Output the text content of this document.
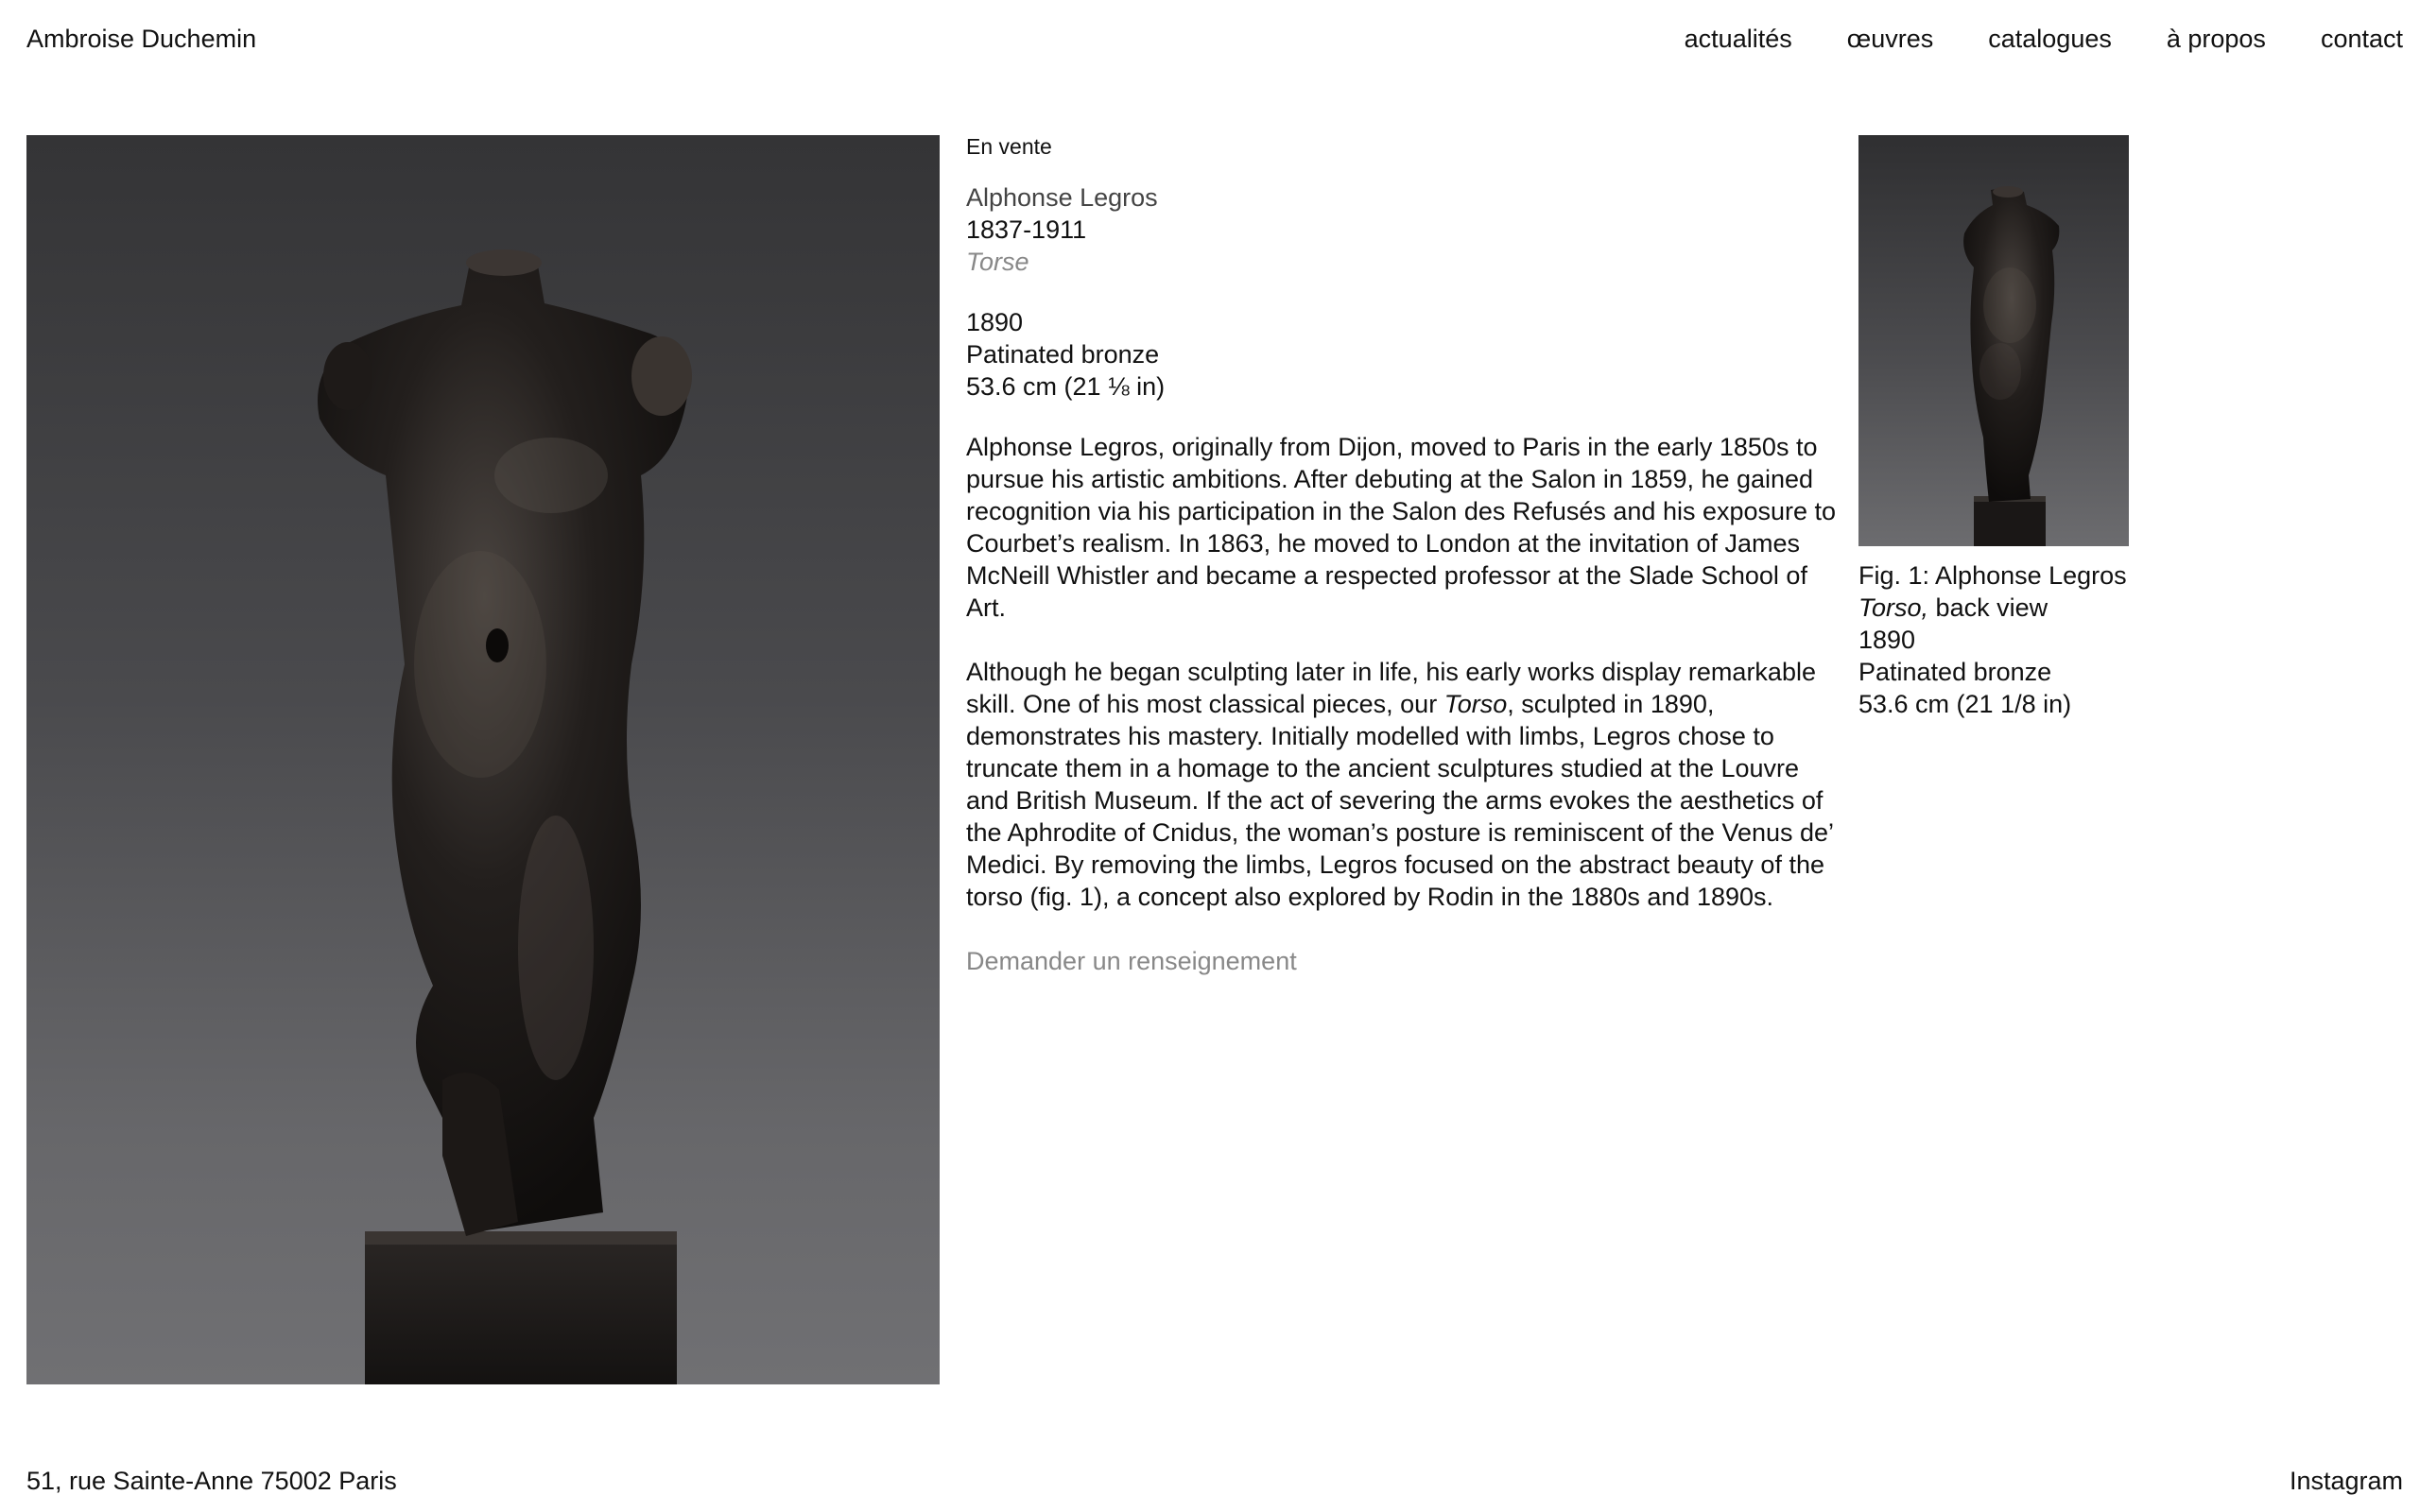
Ambroise Duchemin	actualités œuvres catalogues à propos contact
En vente
Alphonse Legros
1837-1911
Torse
1890
Patinated bronze
53.6 cm (21 ⅛ in)

Alphonse Legros, originally from Dijon, moved to Paris in the early 1850s to pursue his artistic ambitions. After debuting at the Salon in 1859, he gained recognition via his participation in the Salon des Refusés and his exposure to Courbet’s realism. In 1863, he moved to London at the invitation of James McNeill Whistler and became a respected professor at the Slade School of Art.

Although he began sculpting later in life, his early works display remarkable skill. One of his most classical pieces, our Torso, sculpted in 1890, demonstrates his mastery. Initially modelled with limbs, Legros chose to truncate them in a homage to the ancient sculptures studied at the Louvre and British Museum. If the act of severing the arms evokes the aesthetics of the Aphrodite of Cnidus, the woman’s posture is reminiscent of the Venus de’ Medici. By removing the limbs, Legros focused on the abstract beauty of the torso (fig. 1), a concept also explored by Rodin in the 1880s and 1890s.

Demander un renseignement
Fig. 1: Alphonse Legros
Torso, back view
1890
Patinated bronze
53.6 cm (21 1/8 in)
51, rue Sainte-Anne 75002 Paris	Instagram
